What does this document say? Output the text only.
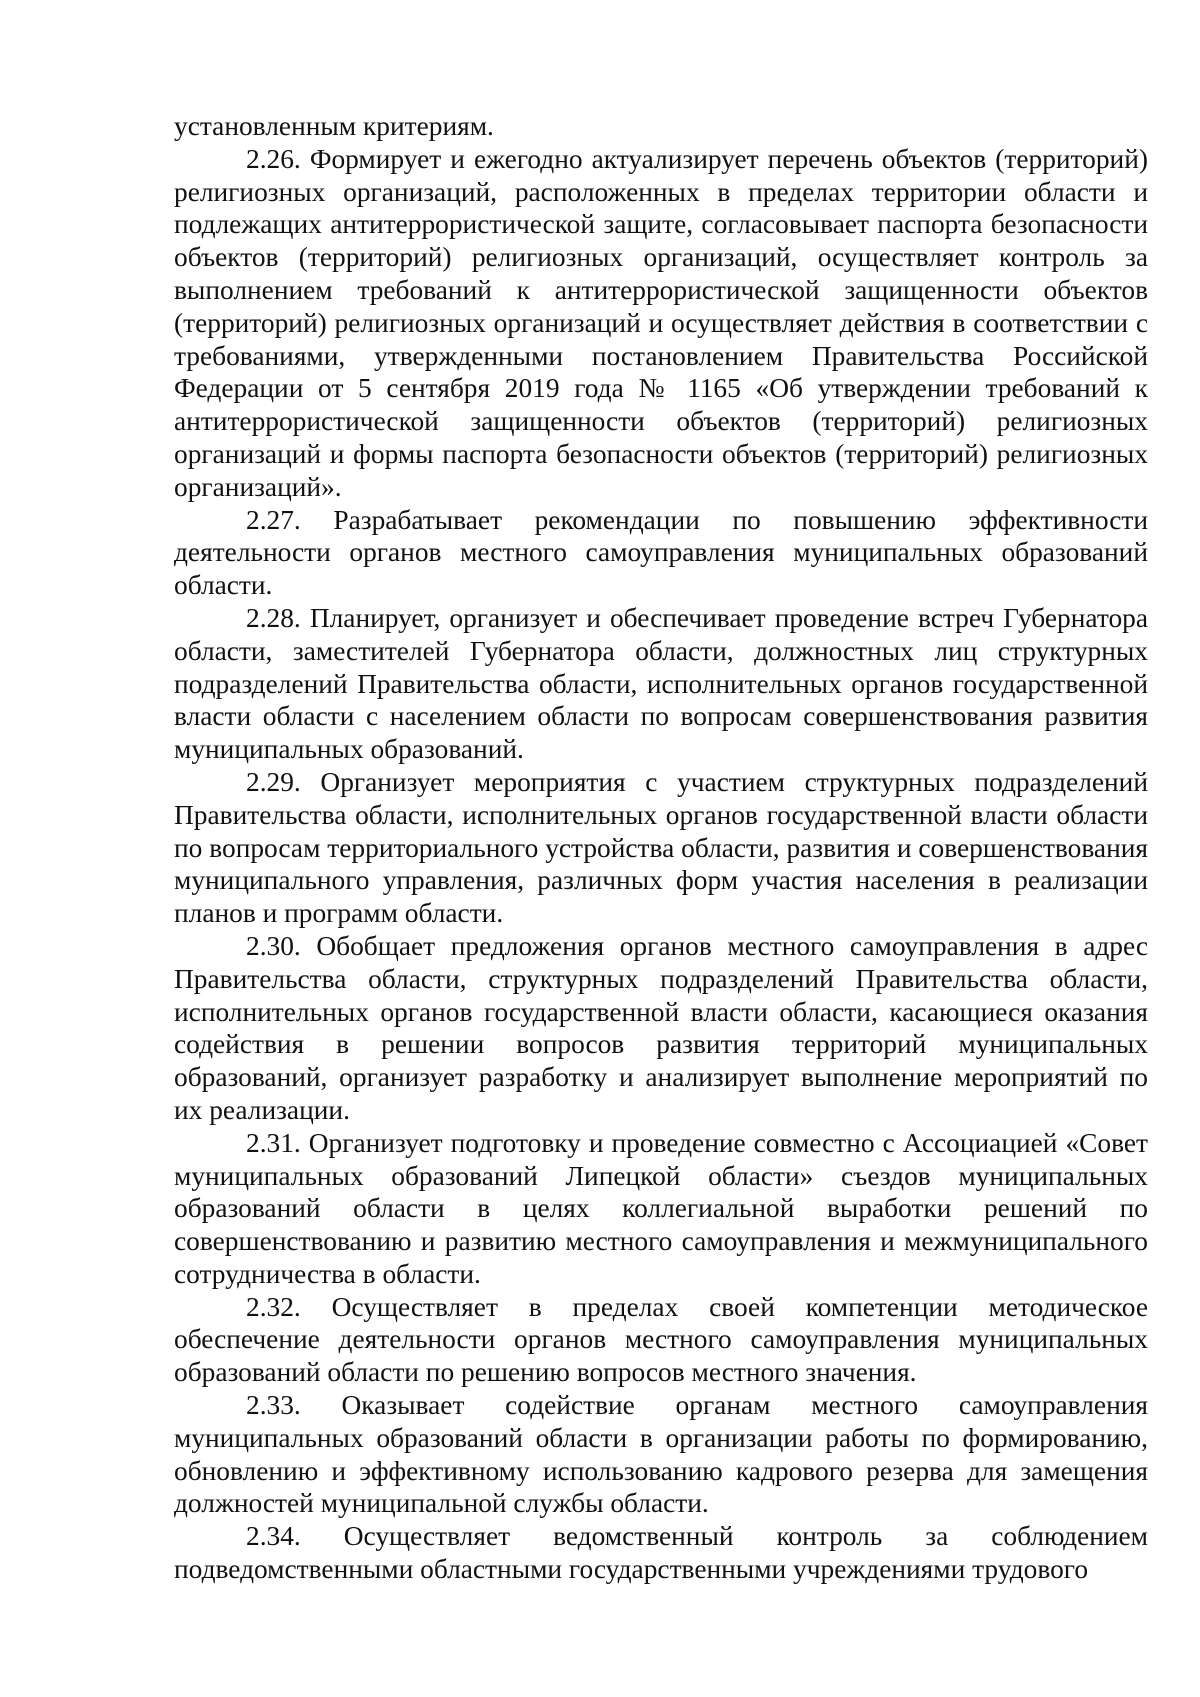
установленным критериям.

2.26. Формирует и ежегодно актуализирует перечень объектов (территорий) религиозных организаций, расположенных в пределах территории области и подлежащих антитеррористической защите, согласовывает паспорта безопасности объектов (территорий) религиозных организаций, осуществляет контроль за выполнением требований к антитеррористической защищенности объектов (территорий) религиозных организаций и осуществляет действия в соответствии с требованиями, утвержденными постановлением Правительства Российской Федерации от 5 сентября 2019 года № 1165 «Об утверждении требований к антитеррористической защищенности объектов (территорий) религиозных организаций и формы паспорта безопасности объектов (территорий) религиозных организаций».

2.27. Разрабатывает рекомендации по повышению эффективности деятельности органов местного самоуправления муниципальных образований области.

2.28. Планирует, организует и обеспечивает проведение встреч Губернатора области, заместителей Губернатора области, должностных лиц структурных подразделений Правительства области, исполнительных органов государственной власти области с населением области по вопросам совершенствования развития муниципальных образований.

2.29. Организует мероприятия с участием структурных подразделений Правительства области, исполнительных органов государственной власти области по вопросам территориального устройства области, развития и совершенствования муниципального управления, различных форм участия населения в реализации планов и программ области.

2.30. Обобщает предложения органов местного самоуправления в адрес Правительства области, структурных подразделений Правительства области, исполнительных органов государственной власти области, касающиеся оказания содействия в решении вопросов развития территорий муниципальных образований, организует разработку и анализирует выполнение мероприятий по их реализации.

2.31. Организует подготовку и проведение совместно с Ассоциацией «Совет муниципальных образований Липецкой области» съездов муниципальных образований области в целях коллегиальной выработки решений по совершенствованию и развитию местного самоуправления и межмуниципального сотрудничества в области.

2.32. Осуществляет в пределах своей компетенции методическое обеспечение деятельности органов местного самоуправления муниципальных образований области по решению вопросов местного значения.

2.33. Оказывает содействие органам местного самоуправления муниципальных образований области в организации работы по формированию, обновлению и эффективному использованию кадрового резерва для замещения должностей муниципальной службы области.

2.34. Осуществляет ведомственный контроль за соблюдением подведомственными областными государственными учреждениями трудового
